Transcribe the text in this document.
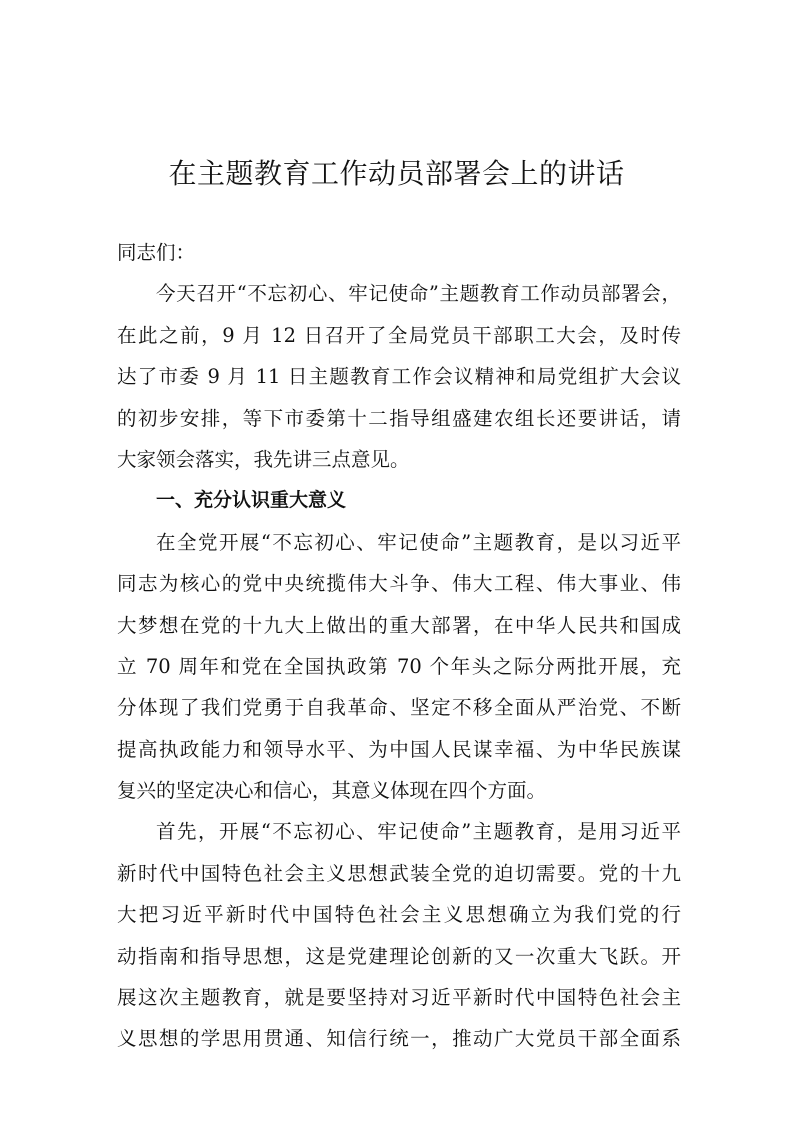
在主题教育工作动员部署会上的讲话
同志们：
今天召开“不忘初心、牢记使命”主题教育工作动员部署会，
在此之前，9 月 12 日召开了全局党员干部职工大会，及时传
达了市委 9 月 11 日主题教育工作会议精神和局党组扩大会议
的初步安排，等下市委第十二指导组盛建农组长还要讲话，请
大家领会落实，我先讲三点意见。
一、充分认识重大意义
在全党开展“不忘初心、牢记使命”主题教育，是以习近平
同志为核心的党中央统揽伟大斗争、伟大工程、伟大事业、伟
大梦想在党的十九大上做出的重大部署，在中华人民共和国成
立 70 周年和党在全国执政第 70 个年头之际分两批开展，充
分体现了我们党勇于自我革命、坚定不移全面从严治党、不断
提高执政能力和领导水平、为中国人民谋幸福、为中华民族谋
复兴的坚定决心和信心，其意义体现在四个方面。
首先，开展“不忘初心、牢记使命”主题教育，是用习近平
新时代中国特色社会主义思想武装全党的迫切需要。党的十九
大把习近平新时代中国特色社会主义思想确立为我们党的行
动指南和指导思想，这是党建理论创新的又一次重大飞跃。开
展这次主题教育，就是要坚持对习近平新时代中国特色社会主
义思想的学思用贯通、知信行统一，推动广大党员干部全面系
